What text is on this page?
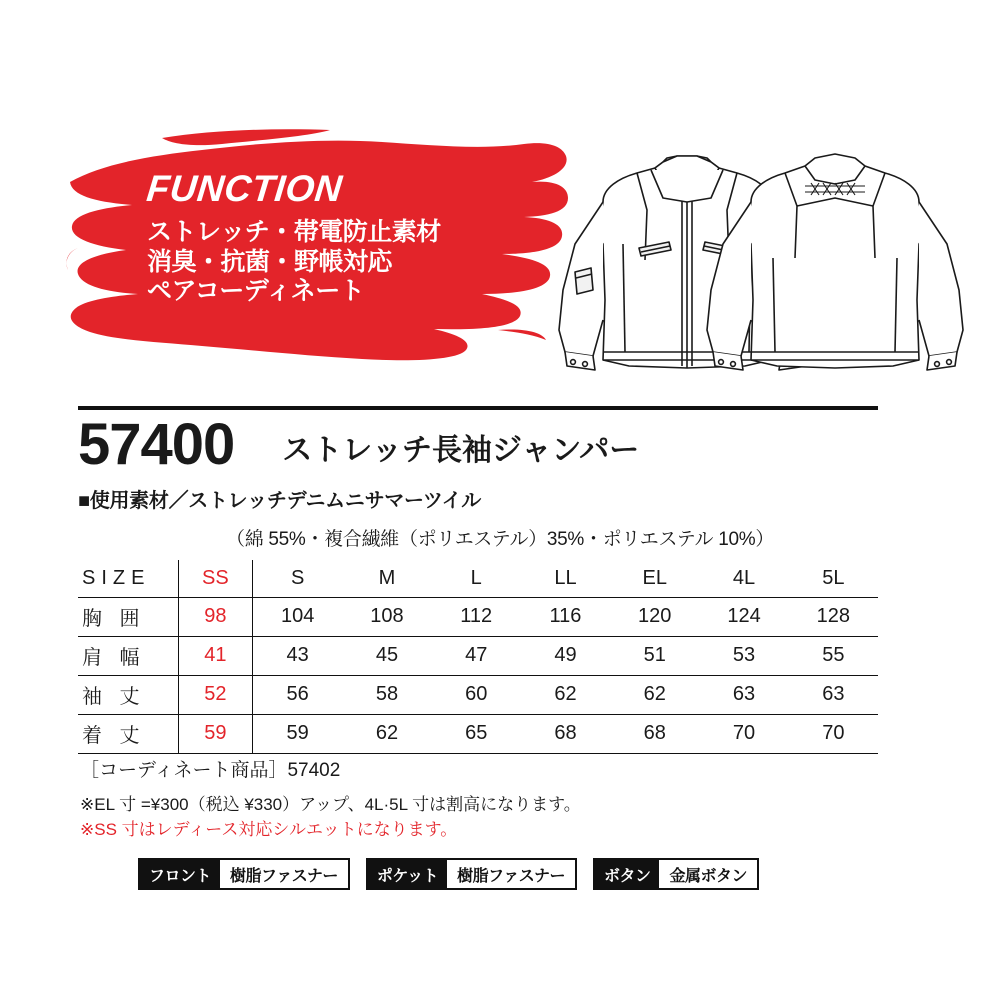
FUNCTION
ストレッチ・帯電防止素材
消臭・抗菌・野帳対応
ペアコーディネート
57400 ストレッチ長袖ジャンパー
■使用素材／ストレッチデニムニサマーツイル
（綿 55%・複合繊維（ポリエステル）35%・ポリエステル 10%）
SIZE	SS	S	M	L	LL	EL	4L	5L
胸 囲	98	104	108	112	116	120	124	128
肩 幅	41	43	45	47	49	51	53	55
袖 丈	52	56	58	60	62	62	63	63
着 丈	59	59	62	65	68	68	70	70
［コーディネート商品］57402
※EL 寸 =¥300（税込 ¥330）アップ、4L·5L 寸は割高になります。
※SS 寸はレディース対応シルエットになります。
フロント	樹脂ファスナー	ポケット	樹脂ファスナー	ボタン	金属ボタン
